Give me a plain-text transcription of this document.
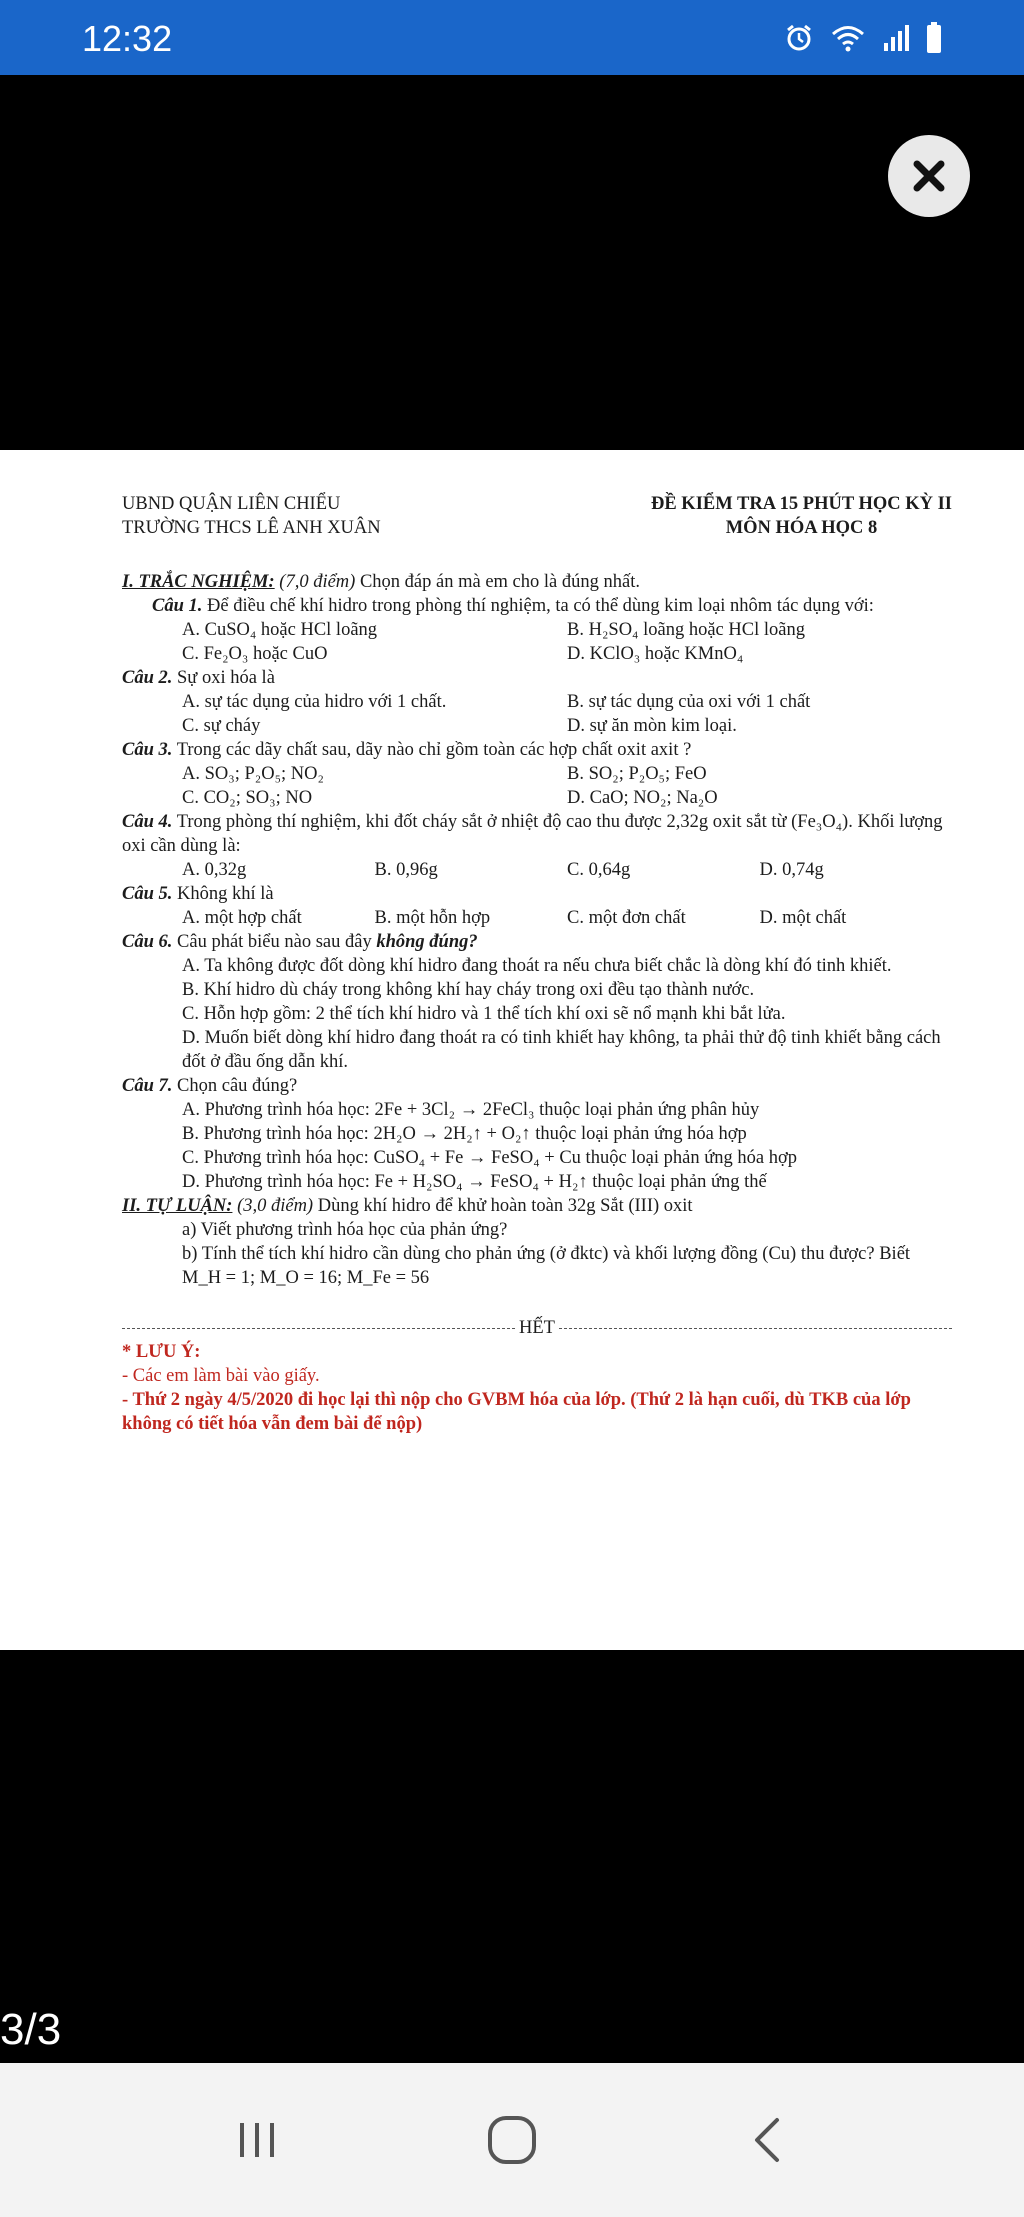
12:32
UBND QUẬN LIÊN CHIỂU
TRƯỜNG THCS LÊ ANH XUÂN
ĐỀ KIỂM TRA 15 PHÚT HỌC KỲ II
MÔN HÓA HỌC 8
I. TRẮC NGHIỆM: (7,0 điểm) Chọn đáp án mà em cho là đúng nhất.
Câu 1. Để điều chế khí hidro trong phòng thí nghiệm, ta có thể dùng kim loại nhôm tác dụng với:
A. CuSO₄ hoặc HCl loãng	B. H₂SO₄ loãng hoặc HCl loãng
C. Fe₂O₃ hoặc CuO	D. KClO₃ hoặc KMnO₄
Câu 2. Sự oxi hóa là
A. sự tác dụng của hidro với 1 chất.	B. sự tác dụng của oxi với 1 chất
C. sự cháy	D. sự ăn mòn kim loại.
Câu 3. Trong các dãy chất sau, dãy nào chỉ gồm toàn các hợp chất oxit axit ?
A. SO₃; P₂O₅; NO₂	B. SO₂; P₂O₅; FeO
C. CO₂; SO₃; NO	D. CaO; NO₂; Na₂O
Câu 4. Trong phòng thí nghiệm, khi đốt cháy sắt ở nhiệt độ cao thu được 2,32g oxit sắt từ (Fe₃O₄). Khối lượng oxi cần dùng là:
A. 0,32g	B. 0,96g	C. 0,64g	D. 0,74g
Câu 5. Không khí là
A. một hợp chất	B. một hỗn hợp	C. một đơn chất	D. một chất
Câu 6. Câu phát biểu nào sau đây không đúng?
A. Ta không được đốt dòng khí hidro đang thoát ra nếu chưa biết chắc là dòng khí đó tinh khiết.
B. Khí hidro dù cháy trong không khí hay cháy trong oxi đều tạo thành nước.
C. Hỗn hợp gồm: 2 thể tích khí hidro và 1 thể tích khí oxi sẽ nổ mạnh khi bắt lửa.
D. Muốn biết dòng khí hidro đang thoát ra có tinh khiết hay không, ta phải thử độ tinh khiết bằng cách đốt ở đầu ống dẫn khí.
Câu 7. Chọn câu đúng?
A. Phương trình hóa học: 2Fe + 3Cl₂ → 2FeCl₃ thuộc loại phản ứng phân hủy
B. Phương trình hóa học: 2H₂O → 2H₂↑ + O₂↑ thuộc loại phản ứng hóa hợp
C. Phương trình hóa học: CuSO₄ + Fe → FeSO₄ + Cu thuộc loại phản ứng hóa hợp
D. Phương trình hóa học: Fe + H₂SO₄ → FeSO₄ + H₂↑ thuộc loại phản ứng thế
II. TỰ LUẬN: (3,0 điểm) Dùng khí hidro để khử hoàn toàn 32g Sắt (III) oxit
a) Viết phương trình hóa học của phản ứng?
b) Tính thể tích khí hidro cần dùng cho phản ứng (ở đktc) và khối lượng đồng (Cu) thu được? Biết M_H = 1; M_O = 16; M_Fe = 56
HẾT
* LƯU Ý:
- Các em làm bài vào giấy.
- Thứ 2 ngày 4/5/2020 đi học lại thì nộp cho GVBM hóa của lớp. (Thứ 2 là hạn cuối, dù TKB của lớp không có tiết hóa vẫn đem bài để nộp)
3/3
